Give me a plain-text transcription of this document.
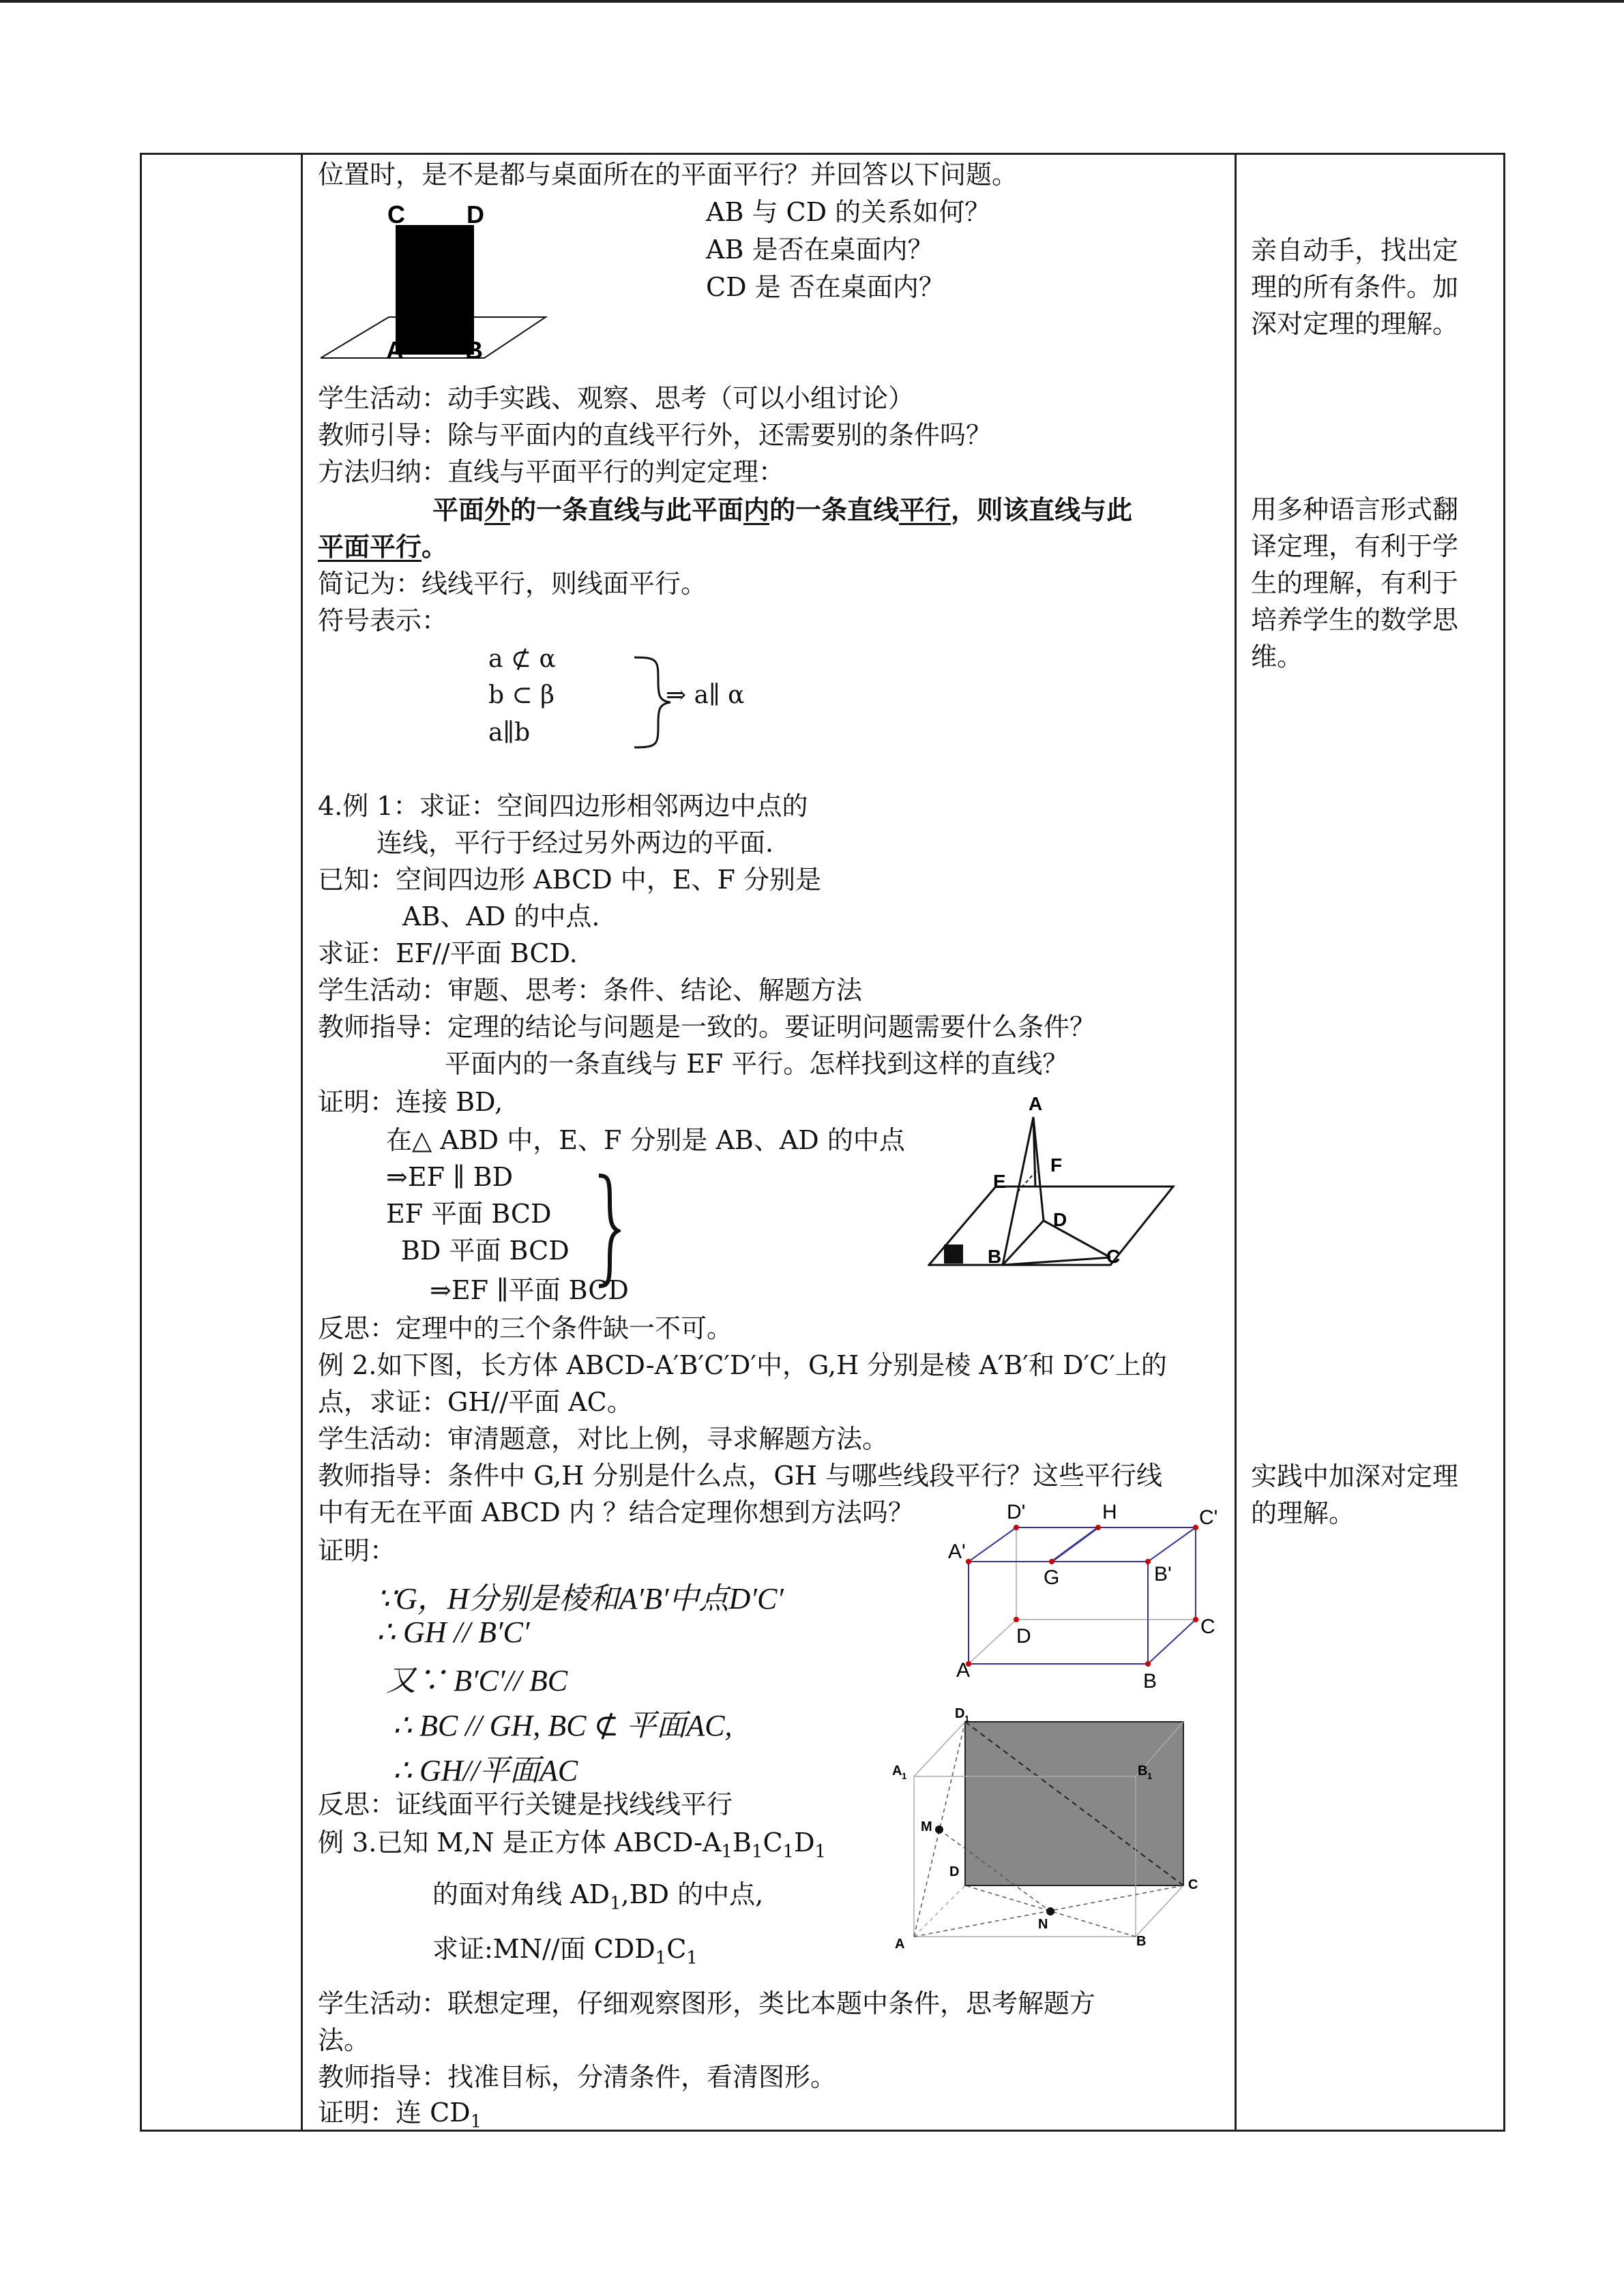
位置时，是不是都与桌面所在的平面平行？并回答以下问题。
AB 与 CD 的关系如何？
AB 是否在桌面内？
CD 是 否在桌面内？
C	D
A	B
学生活动：动手实践、观察、思考（可以小组讨论）
教师引导：除与平面内的直线平行外，还需要别的条件吗？
方法归纳：直线与平面平行的判定定理：
平面外的一条直线与此平面内的一条直线平行，则该直线与此
平面平行。
简记为：线线平行，则线面平行。
符号表示：
a ⊄ α
b ⊂ β
a∥b
⇒ a∥ α
4.例 1：求证：空间四边形相邻两边中点的
连线，平行于经过另外两边的平面.
已知：空间四边形 ABCD 中，E、F 分别是
AB、AD 的中点.
求证：EF//平面 BCD.
学生活动：审题、思考：条件、结论、解题方法
教师指导：定理的结论与问题是一致的。要证明问题需要什么条件？
平面内的一条直线与 EF 平行。怎样找到这样的直线？
证明：连接 BD,
在△ ABD 中，E、F 分别是 AB、AD 的中点
⇒EF ∥ BD
EF 平面 BCD
BD 平面 BCD
⇒EF ∥平面 BCD
反思：定理中的三个条件缺一不可。
A
E
F
D
B	C
例 2.如下图，长方体 ABCD-A′B′C′D′中，G,H 分别是棱 A′B′和 D′C′上的
点，求证：GH//平面 AC。
学生活动：审清题意，对比上例，寻求解题方法。
教师指导：条件中 G,H 分别是什么点，GH 与哪些线段平行？这些平行线
中有无在平面 ABCD 内 ？结合定理你想到方法吗？
证明：
∵G，H分别是棱和A′B′中点D′C′
∴ GH // B′C′
又∵ B′C′// BC
∴ BC // GH, BC ⊄ 平面AC,
∴ GH//平面AC
反思：证线面平行关键是找线线平行
D'	H	C'
A'
G	B'
D	C
A	B
例 3.已知 M,N 是正方体 ABCD-$A_1B_1C_1D_1$
的面对角线 $AD_1,BD$ 的中点,
求证:MN//面 $CDD_1C_1$
学生活动：联想定理，仔细观察图形，类比本题中条件，思考解题方
法。
教师指导：找准目标，分清条件，看清图形。
证明：连 $CD_1$
D 1
A 1	B 1
M
D
C
N
A	B
亲自动手，找出定
理的所有条件。加
深对定理的理解。
用多种语言形式翻
译定理，有利于学
生的理解，有利于
培养学生的数学思
维。
实践中加深对定理
的理解。
